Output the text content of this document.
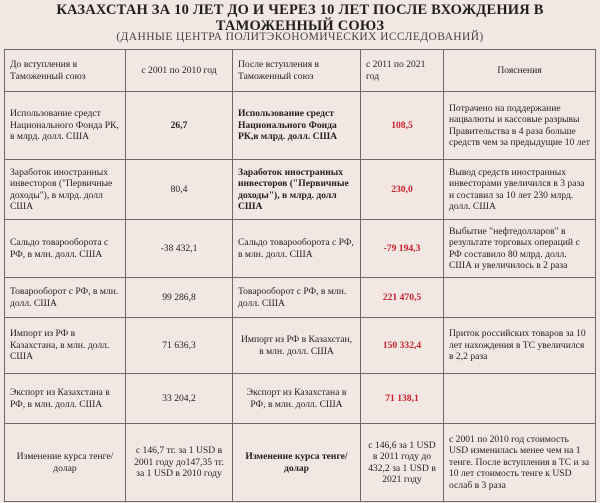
КАЗАХСТАН ЗА 10 ЛЕТ ДО И ЧЕРЕЗ 10 ЛЕТ ПОСЛЕ ВХОЖДЕНИЯ В ТАМОЖЕННЫЙ СОЮЗ
(ДАННЫЕ ЦЕНТРА ПОЛИТЭКОНОМИЧЕСКИХ ИССЛЕДОВАНИЙ)
До вступления в Таможенный союз	с 2001 по 2010 год	После вступления в Таможенный союз	с 2011 по 2021 год	Пояснения
Использование средст Национального Фонда РК, в млрд. долл. США	26,7	Использование средст Национального Фонда РК,в млрд. долл. США	108,5	Потрачено на поддержание нацвалюты и кассовые разрывы Правительства в 4 раза больше средств чем за предыдущие 10 лет
Заработок иностранных инвесторов ("Первичные доходы"), в млрд. долл США	80,4	Заработок иностранных инвесторов ("Первичные доходы"), в млрд. долл США	230,0	Вывод средств иностранных инвесторами увеличился в 3 раза и составил за 10 лет 230 млрд. долл. США
Сальдо товарооборота с РФ, в млн. долл. США	-38 432,1	Сальдо товарооборота с РФ, в млн. долл. США	-79 194,3	Выбытие "нефтедолларов" в результате торговых операций с РФ составило 80 млрд. долл. США и увеличилось в 2 раза
Товарооборот с РФ, в млн. долл. США	99 286,8	Товарооборот с РФ, в млн. долл. США	221 470,5	
Импорт из РФ в Казахстана, в млн. долл. США	71 636,3	Импорт из РФ в Казахстан, в млн. долл. США	150 332,4	Приток российских товаров за 10 лет нахождения в ТС увеличился в 2,2 раза
Экспорт из Казахстана в РФ, в млн. долл. США	33 204,2	Экспорт из Казахстана в РФ, в млн. долл. США	71 138,1	
Изменение курса тенге/ долар	с 146,7 тг. за 1 USD в 2001 году до147,35 тг. за 1 USD в 2010 году	Изменение курса тенге/ долар	с 146,6 за 1 USD в 2011 году до 432,2 за 1 USD в 2021 году	с 2001 по 2010 год стоимость USD изменилась менее чем на 1 тенге. После вступления в ТС и за 10 лет стоимость тенге к USD ослаб в 3 раза
